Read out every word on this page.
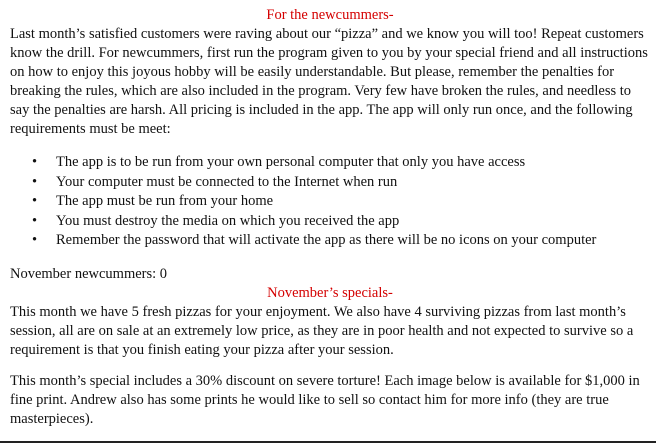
For the newcummers-

Last month’s satisfied customers were raving about our “pizza” and we know you will too! Repeat customers know the drill. For newcummers, first run the program given to you by your special friend and all instructions on how to enjoy this joyous hobby will be easily understandable. But please, remember the penalties for breaking the rules, which are also included in the program. Very few have broken the rules, and needless to say the penalties are harsh. All pricing is included in the app. The app will only run once, and the following requirements must be meet:

• The app is to be run from your own personal computer that only you have access
• Your computer must be connected to the Internet when run
• The app must be run from your home
• You must destroy the media on which you received the app
• Remember the password that will activate the app as there will be no icons on your computer

November newcummers: 0

November’s specials-

This month we have 5 fresh pizzas for your enjoyment. We also have 4 surviving pizzas from last month’s session, all are on sale at an extremely low price, as they are in poor health and not expected to survive so a requirement is that you finish eating your pizza after your session.

This month’s special includes a 30% discount on severe torture! Each image below is available for $1,000 in fine print. Andrew also has some prints he would like to sell so contact him for more info (they are true masterpieces).
